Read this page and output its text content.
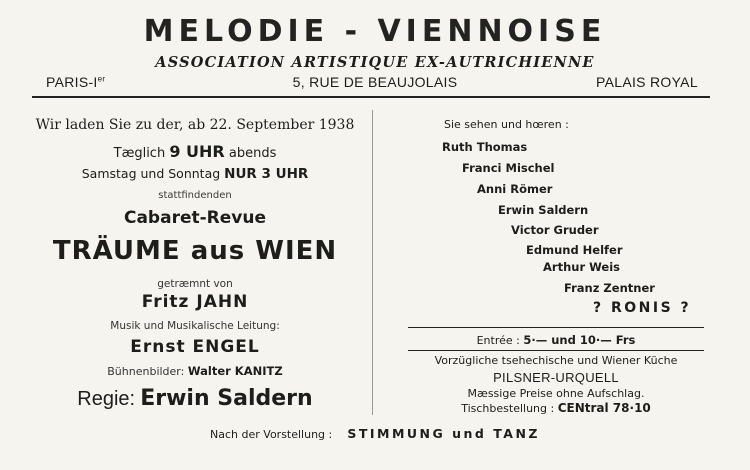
MELODIE - VIENNOISE
ASSOCIATION ARTISTIQUE EX-AUTRICHIENNE
PARIS-Ier	5, RUE DE BEAUJOLAIS	PALAIS ROYAL
Wir laden Sie zu der, ab 22. September 1938
Tæglich 9 UHR abends
Samstag und Sonntag NUR 3 UHR
stattfindenden
Cabaret-Revue
TRÄUME aus WIEN
getræmnt von
Fritz JAHN
Musik und Musikalische Leitung:
Ernst ENGEL
Bühnenbilder: Walter KANITZ
Regie: Erwin Saldern
Sie sehen und hœren :
Ruth Thomas
Franci Mischel
Anni Römer
Erwin Saldern
Victor Gruder
Edmund Helfer
Arthur Weis
Franz Zentner
? RONIS ?
Entrée : 5·— und 10·— Frs
Vorzügliche tsehechische und Wiener Küche
PILSNER-URQUELL
Mæssige Preise ohne Aufschlag.
Tischbestellung : CENtral 78·10
Nach der Vorstellung : STIMMUNG und TANZ
